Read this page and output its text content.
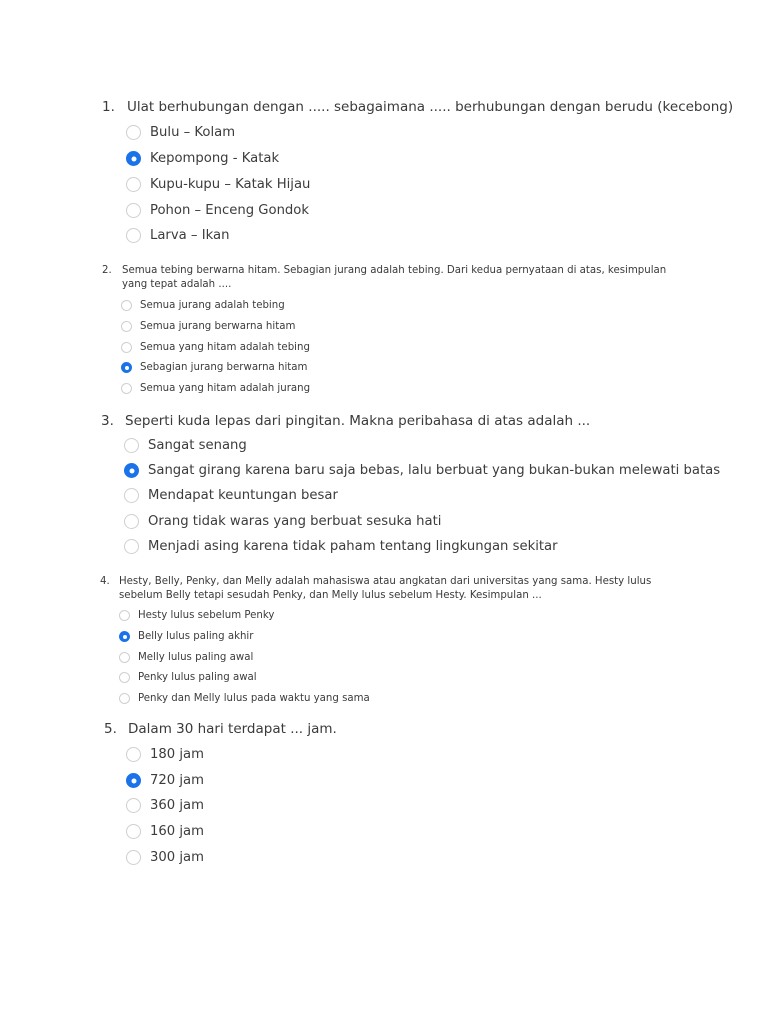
1. Ulat berhubungan dengan ..... sebagaimana ..... berhubungan dengan berudu (kecebong)
Bulu – Kolam
Kepompong - Katak
Kupu-kupu – Katak Hijau
Pohon – Enceng Gondok
Larva – Ikan
2.	Semua tebing berwarna hitam. Sebagian jurang adalah tebing. Dari kedua pernyataan di atas, kesimpulan yang tepat adalah ....
Semua jurang adalah tebing
Semua jurang berwarna hitam
Semua yang hitam adalah tebing
Sebagian jurang berwarna hitam
Semua yang hitam adalah jurang
3. Seperti kuda lepas dari pingitan. Makna peribahasa di atas adalah ...
Sangat senang
Sangat girang karena baru saja bebas, lalu berbuat yang bukan-bukan melewati batas
Mendapat keuntungan besar
Orang tidak waras yang berbuat sesuka hati
Menjadi asing karena tidak paham tentang lingkungan sekitar
4. Hesty, Belly, Penky, dan Melly adalah mahasiswa atau angkatan dari universitas yang sama. Hesty lulus sebelum Belly tetapi sesudah Penky, dan Melly lulus sebelum Hesty. Kesimpulan ...
Hesty lulus sebelum Penky
Belly lulus paling akhir
Melly lulus paling awal
Penky lulus paling awal
Penky dan Melly lulus pada waktu yang sama
5. Dalam 30 hari terdapat ... jam.
180 jam
720 jam
360 jam
160 jam
300 jam
